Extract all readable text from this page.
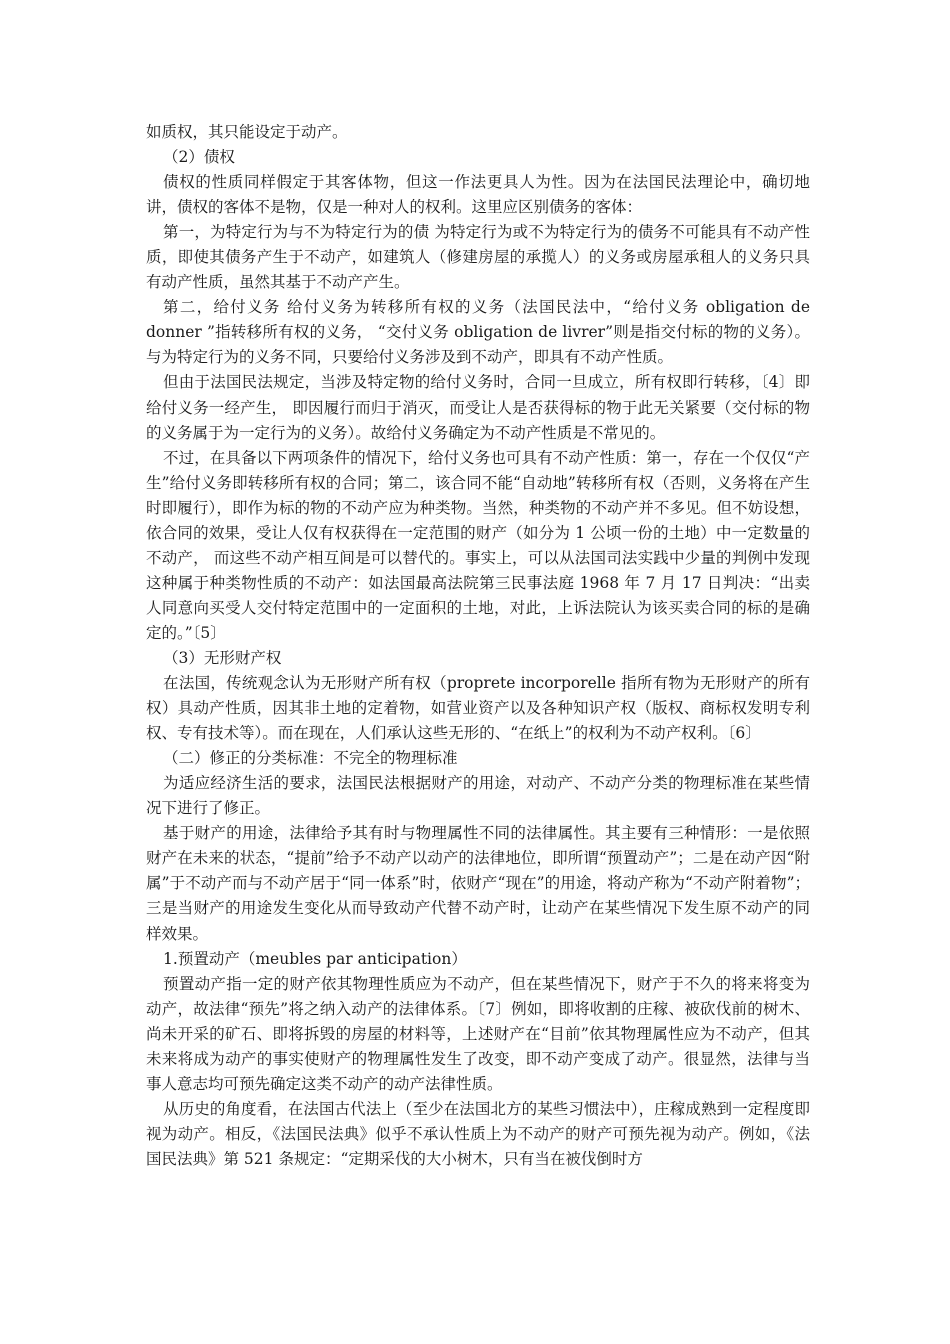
如质权，其只能设定于动产。

（2）债权

债权的性质同样假定于其客体物，但这一作法更具人为性。因为在法国民法理论中，确切地讲，债权的客体不是物，仅是一种对人的权利。这里应区别债务的客体：

第一，为特定行为与不为特定行为的债 为特定行为或不为特定行为的债务不可能具有不动产性质，即使其债务产生于不动产，如建筑人（修建房屋的承揽人）的义务或房屋承租人的义务只具有动产性质，虽然其基于不动产产生。

第二，给付义务 给付义务为转移所有权的义务（法国民法中，“给付义务 obligation de donner ”指转移所有权的义务， “交付义务 obligation de livrer”则是指交付标的物的义务）。与为特定行为的义务不同，只要给付义务涉及到不动产，即具有不动产性质。

但由于法国民法规定，当涉及特定物的给付义务时，合同一旦成立，所有权即行转移，〔4〕即给付义务一经产生， 即因履行而归于消灭，而受让人是否获得标的物于此无关紧要（交付标的物的义务属于为一定行为的义务）。故给付义务确定为不动产性质是不常见的。

不过，在具备以下两项条件的情况下，给付义务也可具有不动产性质：第一，存在一个仅仅“产生”给付义务即转移所有权的合同；第二，该合同不能“自动地”转移所有权（否则，义务将在产生时即履行），即作为标的物的不动产应为种类物。当然，种类物的不动产并不多见。但不妨设想，依合同的效果，受让人仅有权获得在一定范围的财产（如分为 1 公顷一份的土地）中一定数量的不动产， 而这些不动产相互间是可以替代的。事实上，可以从法国司法实践中少量的判例中发现这种属于种类物性质的不动产：如法国最高法院第三民事法庭 1968 年 7 月 17 日判决：“出卖人同意向买受人交付特定范围中的一定面积的土地，对此，上诉法院认为该买卖合同的标的是确定的。”〔5〕

（3）无形财产权

在法国，传统观念认为无形财产所有权（proprete incorporelle 指所有物为无形财产的所有权）具动产性质，因其非土地的定着物，如营业资产以及各种知识产权（版权、商标权发明专利权、专有技术等）。而在现在，人们承认这些无形的、“在纸上”的权利为不动产权利。〔6〕

（二）修正的分类标准：不完全的物理标准

为适应经济生活的要求，法国民法根据财产的用途，对动产、不动产分类的物理标准在某些情况下进行了修正。

基于财产的用途，法律给予其有时与物理属性不同的法律属性。其主要有三种情形：一是依照财产在未来的状态，“提前”给予不动产以动产的法律地位，即所谓“预置动产”；二是在动产因“附属”于不动产而与不动产居于“同一体系”时，依财产“现在”的用途，将动产称为“不动产附着物”；三是当财产的用途发生变化从而导致动产代替不动产时，让动产在某些情况下发生原不动产的同样效果。

1.预置动产（meubles par anticipation）

预置动产指一定的财产依其物理性质应为不动产，但在某些情况下，财产于不久的将来将变为动产，故法律“预先”将之纳入动产的法律体系。〔7〕例如，即将收割的庄稼、被砍伐前的树木、 尚未开采的矿石、即将拆毁的房屋的材料等，上述财产在“目前”依其物理属性应为不动产，但其未来将成为动产的事实使财产的物理属性发生了改变，即不动产变成了动产。很显然，法律与当事人意志均可预先确定这类不动产的动产法律性质。

从历史的角度看，在法国古代法上（至少在法国北方的某些习惯法中），庄稼成熟到一定程度即视为动产。相反，《法国民法典》似乎不承认性质上为不动产的财产可预先视为动产。例如，《法国民法典》第 521 条规定：“定期采伐的大小树木，只有当在被伐倒时方
